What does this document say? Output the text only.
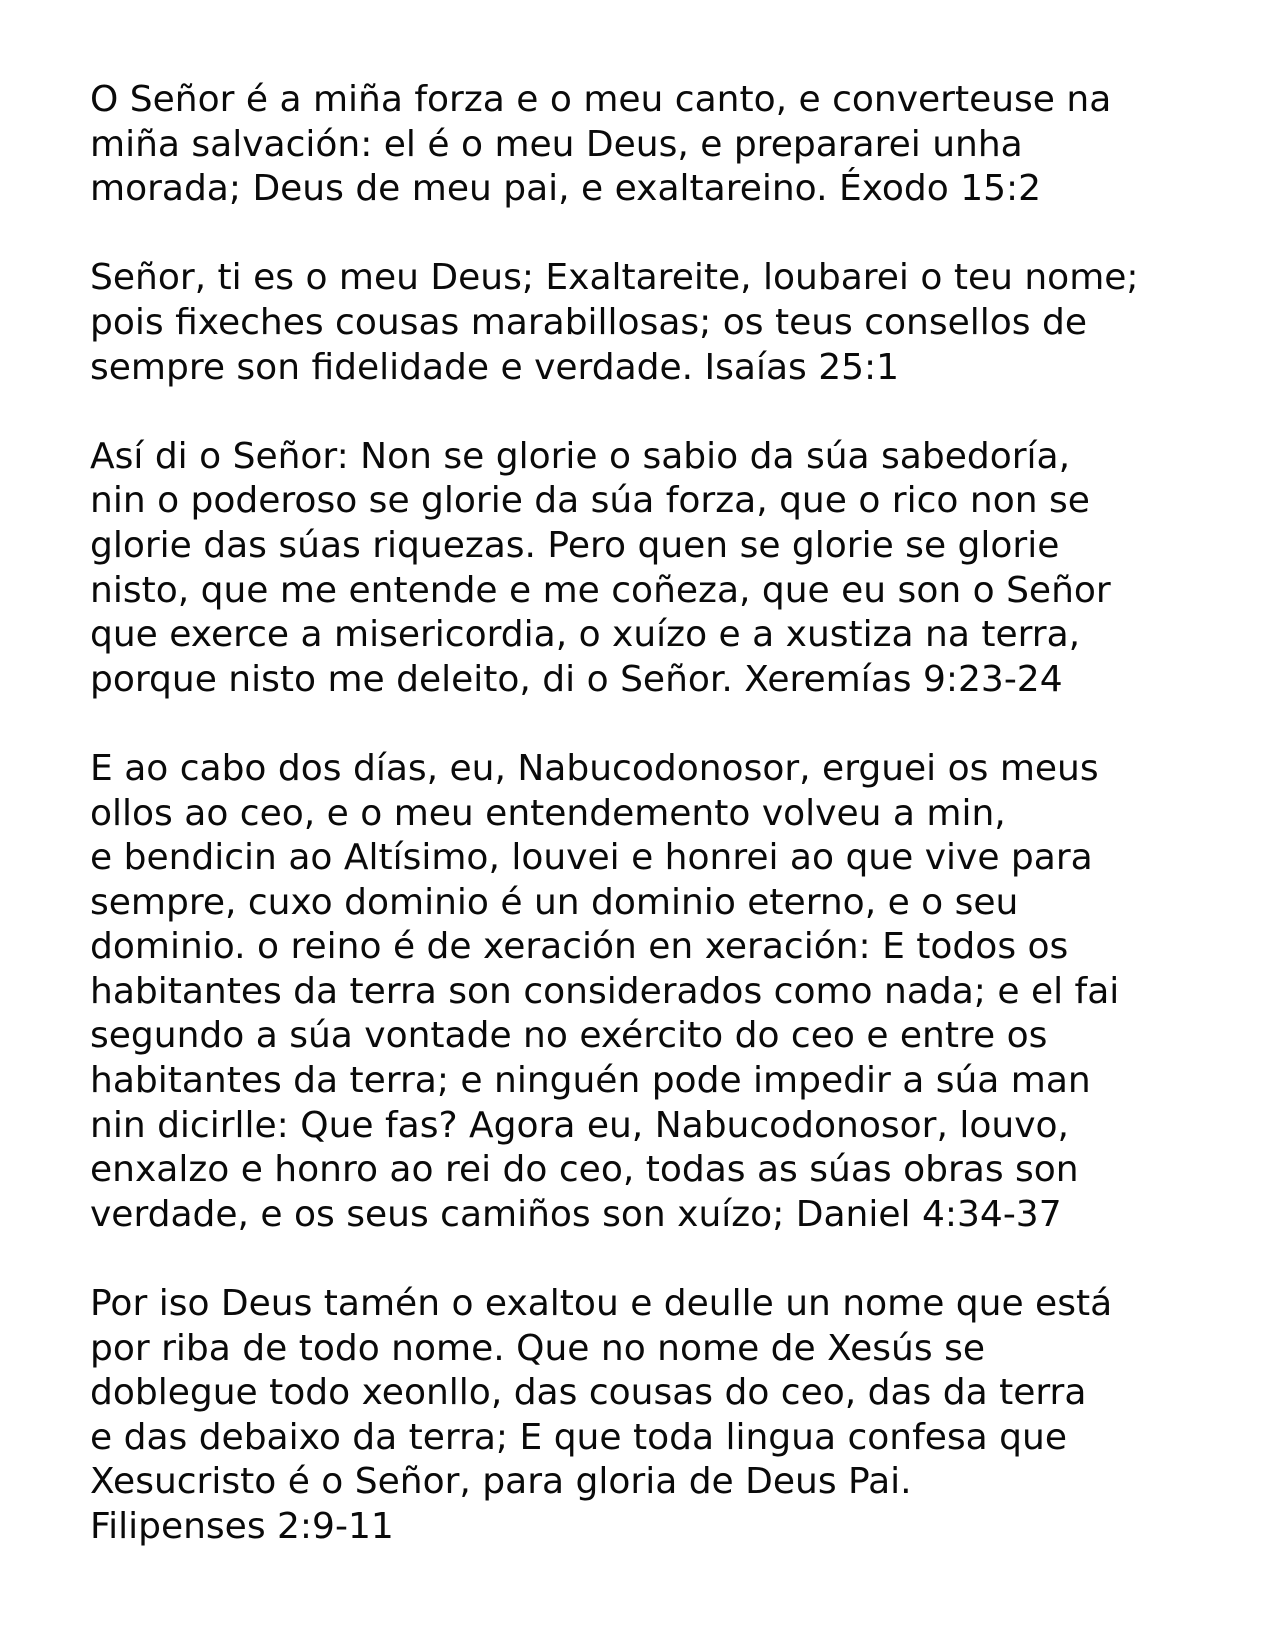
O Señor é a miña forza e o meu canto, e converteuse na
miña salvación: el é o meu Deus, e prepararei unha
morada; Deus de meu pai, e exaltareino. Éxodo 15:2
Señor, ti es o meu Deus; Exaltareite, loubarei o teu nome;
pois fixeches cousas marabillosas; os teus consellos de
sempre son fidelidade e verdade. Isaías 25:1
Así di o Señor: Non se glorie o sabio da súa sabedoría,
nin o poderoso se glorie da súa forza, que o rico non se
glorie das súas riquezas. Pero quen se glorie se glorie
nisto, que me entende e me coñeza, que eu son o Señor
que exerce a misericordia, o xuízo e a xustiza na terra,
porque nisto me deleito, di o Señor. Xeremías 9:23-24
E ao cabo dos días, eu, Nabucodonosor, erguei os meus
ollos ao ceo, e o meu entendemento volveu a min,
e bendicin ao Altísimo, louvei e honrei ao que vive para
sempre, cuxo dominio é un dominio eterno, e o seu
dominio. o reino é de xeración en xeración: E todos os
habitantes da terra son considerados como nada; e el fai
segundo a súa vontade no exército do ceo e entre os
habitantes da terra; e ninguén pode impedir a súa man
nin dicirlle: Que fas? Agora eu, Nabucodonosor, louvo,
enxalzo e honro ao rei do ceo, todas as súas obras son
verdade, e os seus camiños son xuízo; Daniel 4:34-37
Por iso Deus tamén o exaltou e deulle un nome que está
por riba de todo nome. Que no nome de Xesús se
doblegue todo xeonllo, das cousas do ceo, das da terra
e das debaixo da terra; E que toda lingua confesa que
Xesucristo é o Señor, para gloria de Deus Pai.
Filipenses 2:9-11
